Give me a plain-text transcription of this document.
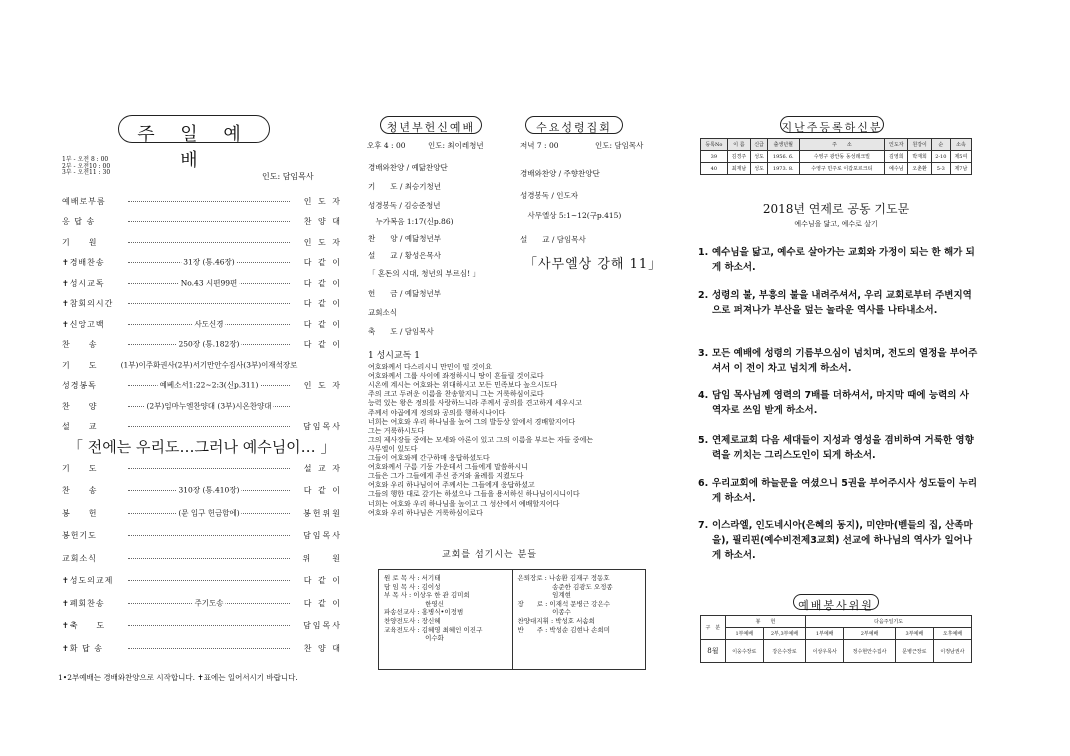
주 일 예 배
1부 - 오전 8 : 00
2부 - 오전10 : 00
3부 - 오전11 : 30	인도: 담임목사
예배로부름	인 도 자
응 답 송	찬 양 대
기　　원	인 도 자
✝경배찬송	31장 (통.46장)	다 같 이
✝성시교독	No.43 시편99편	다 같 이
✝참회의시간	다 같 이
✝신앙고백	사도신경	다 같 이
찬　　송	250장 (통.182장)	다 같 이
기　　도	(1부)이주화권사(2부)서기만안수집사(3부)이재석장로
성경봉독	예베소서1:22~2:3(신p.311)	인 도 자
찬　　양	(2부)임마누엘찬양대 (3부)시온찬양대
설　　교	담임목사
「 전에는 우리도…그러나 예수님이… 」
기　　도	설 교 자
찬　　송	310장 (통.410장)	다 같 이
봉　　헌	(문 입구 헌금함에)	봉헌위원
봉헌기도	담임목사
교회소식	위　　원
✝성도의교제	다 같 이
✝폐회찬송	주기도송	다 같 이
✝축　　도	담임목사
✝화 답 송	찬 양 대
1•2부예배는 경배와찬양으로 시작합니다. ✝표에는 일어서시기 바랍니다.
청년부헌신예배	수요성령집회
오후 4 : 00	인도: 최이레청년
경배와찬양 / 예닮찬양단
기　　도 / 최승기청년
성경봉독 / 김승준청년
　누가복음 1:17(신p.86)
찬　　양 / 예닮청년부
설　　교 / 황성은목사
「 혼돈의 시대, 청년의 부르심! 」
헌　　금 / 예닮청년부
교회소식
축　　도 / 담임목사
저녁 7 : 00	인도: 담임목사
경배와찬양 / 주향찬양단
성경봉독 / 인도자
　사무엘상 5:1~12(구p.415)
설　　교 / 담임목사
「사무엘상 강해 11」
1 성시교독 1
여호와께서 다스리시니 만민이 떨 것이요
여호와께서 그룹 사이에 좌정하시니 땅이 흔들릴 것이로다
시온에 계시는 여호와는 위대하시고 모든 민족보다 높으시도다
주의 크고 두려운 이름을 찬송할지니 그는 거룩하심이로다
능력 있는 왕은 정의를 사랑하느니라 주께서 공의를 견고하게 세우시고
주께서 야곱에게 정의와 공의를 행하시나이다
너희는 여호와 우리 하나님을 높여 그의 발등상 앞에서 경배할지어다
그는 거룩하시도다
그의 제사장들 중에는 모세와 아론이 있고 그의 이름을 부르는 자들 중에는
사무엘이 있도다
그들이 여호와께 간구하매 응답하셨도다
여호와께서 구름 기둥 가운데서 그들에게 말씀하시니
그들은 그가 그들에게 주신 증거와 율례를 지켰도다
여호와 우리 하나님이여 주께서는 그들에게 응답하셨고
그들의 행한 대로 갚기는 하셨으나 그들을 용서하신 하나님이시니이다
너희는 여호와 우리 하나님을 높이고 그 성산에서 예배할지어다
여호와 우리 하나님은 거룩하심이로다
교회를 섬기시는 분들
원 로 목 사 : 서기태
담 임 목 사 : 김이성
부 목 사 : 이상우 한 관 김미희
　　　　　　 한영신
파송선교사 : 홍병식•이정범
찬양전도사 : 장신혜
교육전도사 : 김혜영 최혜인 이진구
　　　　　　 이수화
은퇴장로 : 나송환 김재구 정동호
　　　　　 송준한 김광도 오정종
　　　　　 임계현
장　　로 : 이재석 문병근 강은수
　　　　　 이종수
찬양대지휘 : 박성호 서솜희
반　　주 : 박성순 김현나 손희미
지난주등록하신분
등록No	이 름	신급	출생년월	주　　소	인도자	원강이	순	소속
39	김경주	성도	1956. 6.	수영구 광안동 동성래크빌	김영희	박재희	2-10	제5여
40	최재남	성도	1973. 8.	수영구 민주로 이갑포르크티	예수님	오춘환	5-3	제7남
2018년 연제로 공동 기도문
예수님을 닮고, 예수로 살기
1. 예수님을 닮고, 예수로 살아가는 교회와 가정이 되는 한 해가 되게 하소서.
2. 성령의 불, 부흥의 불을 내려주셔서, 우리 교회로부터 주변지역으로 퍼져나가 부산을 덮는 놀라운 역사를 나타내소서.
3. 모든 예배에 성령의 기름부으심이 넘치며, 전도의 열정을 부어주셔서 이 전이 차고 넘치게 하소서.
4. 담임 목사님께 영력의 7배를 더하셔서, 마지막 때에 능력의 사역자로 쓰임 받게 하소서.
5. 연제로교회 다음 세대들이 지성과 영성을 겸비하여 거룩한 영향력을 끼치는 그리스도인이 되게 하소서.
6. 우리교회에 하늘문을 여셨으니 5권을 부어주시사 성도들이 누리게 하소서.
7. 이스라엘, 인도네시아(은혜의 동지), 미얀마(벧들의 집, 산족마을), 필리핀(예수비전제3교회) 선교에 하나님의 역사가 일어나게 하소서.
예배봉사위원
구　분	봉　　헌		다음주일기도			
	1부예배	2부,3부예배	1부예배	2부예배	3부예배	오후예배
8월	이웅수장로	강은수장로	이상우목사	정수현안수집사	문병근장로	이정남권사
